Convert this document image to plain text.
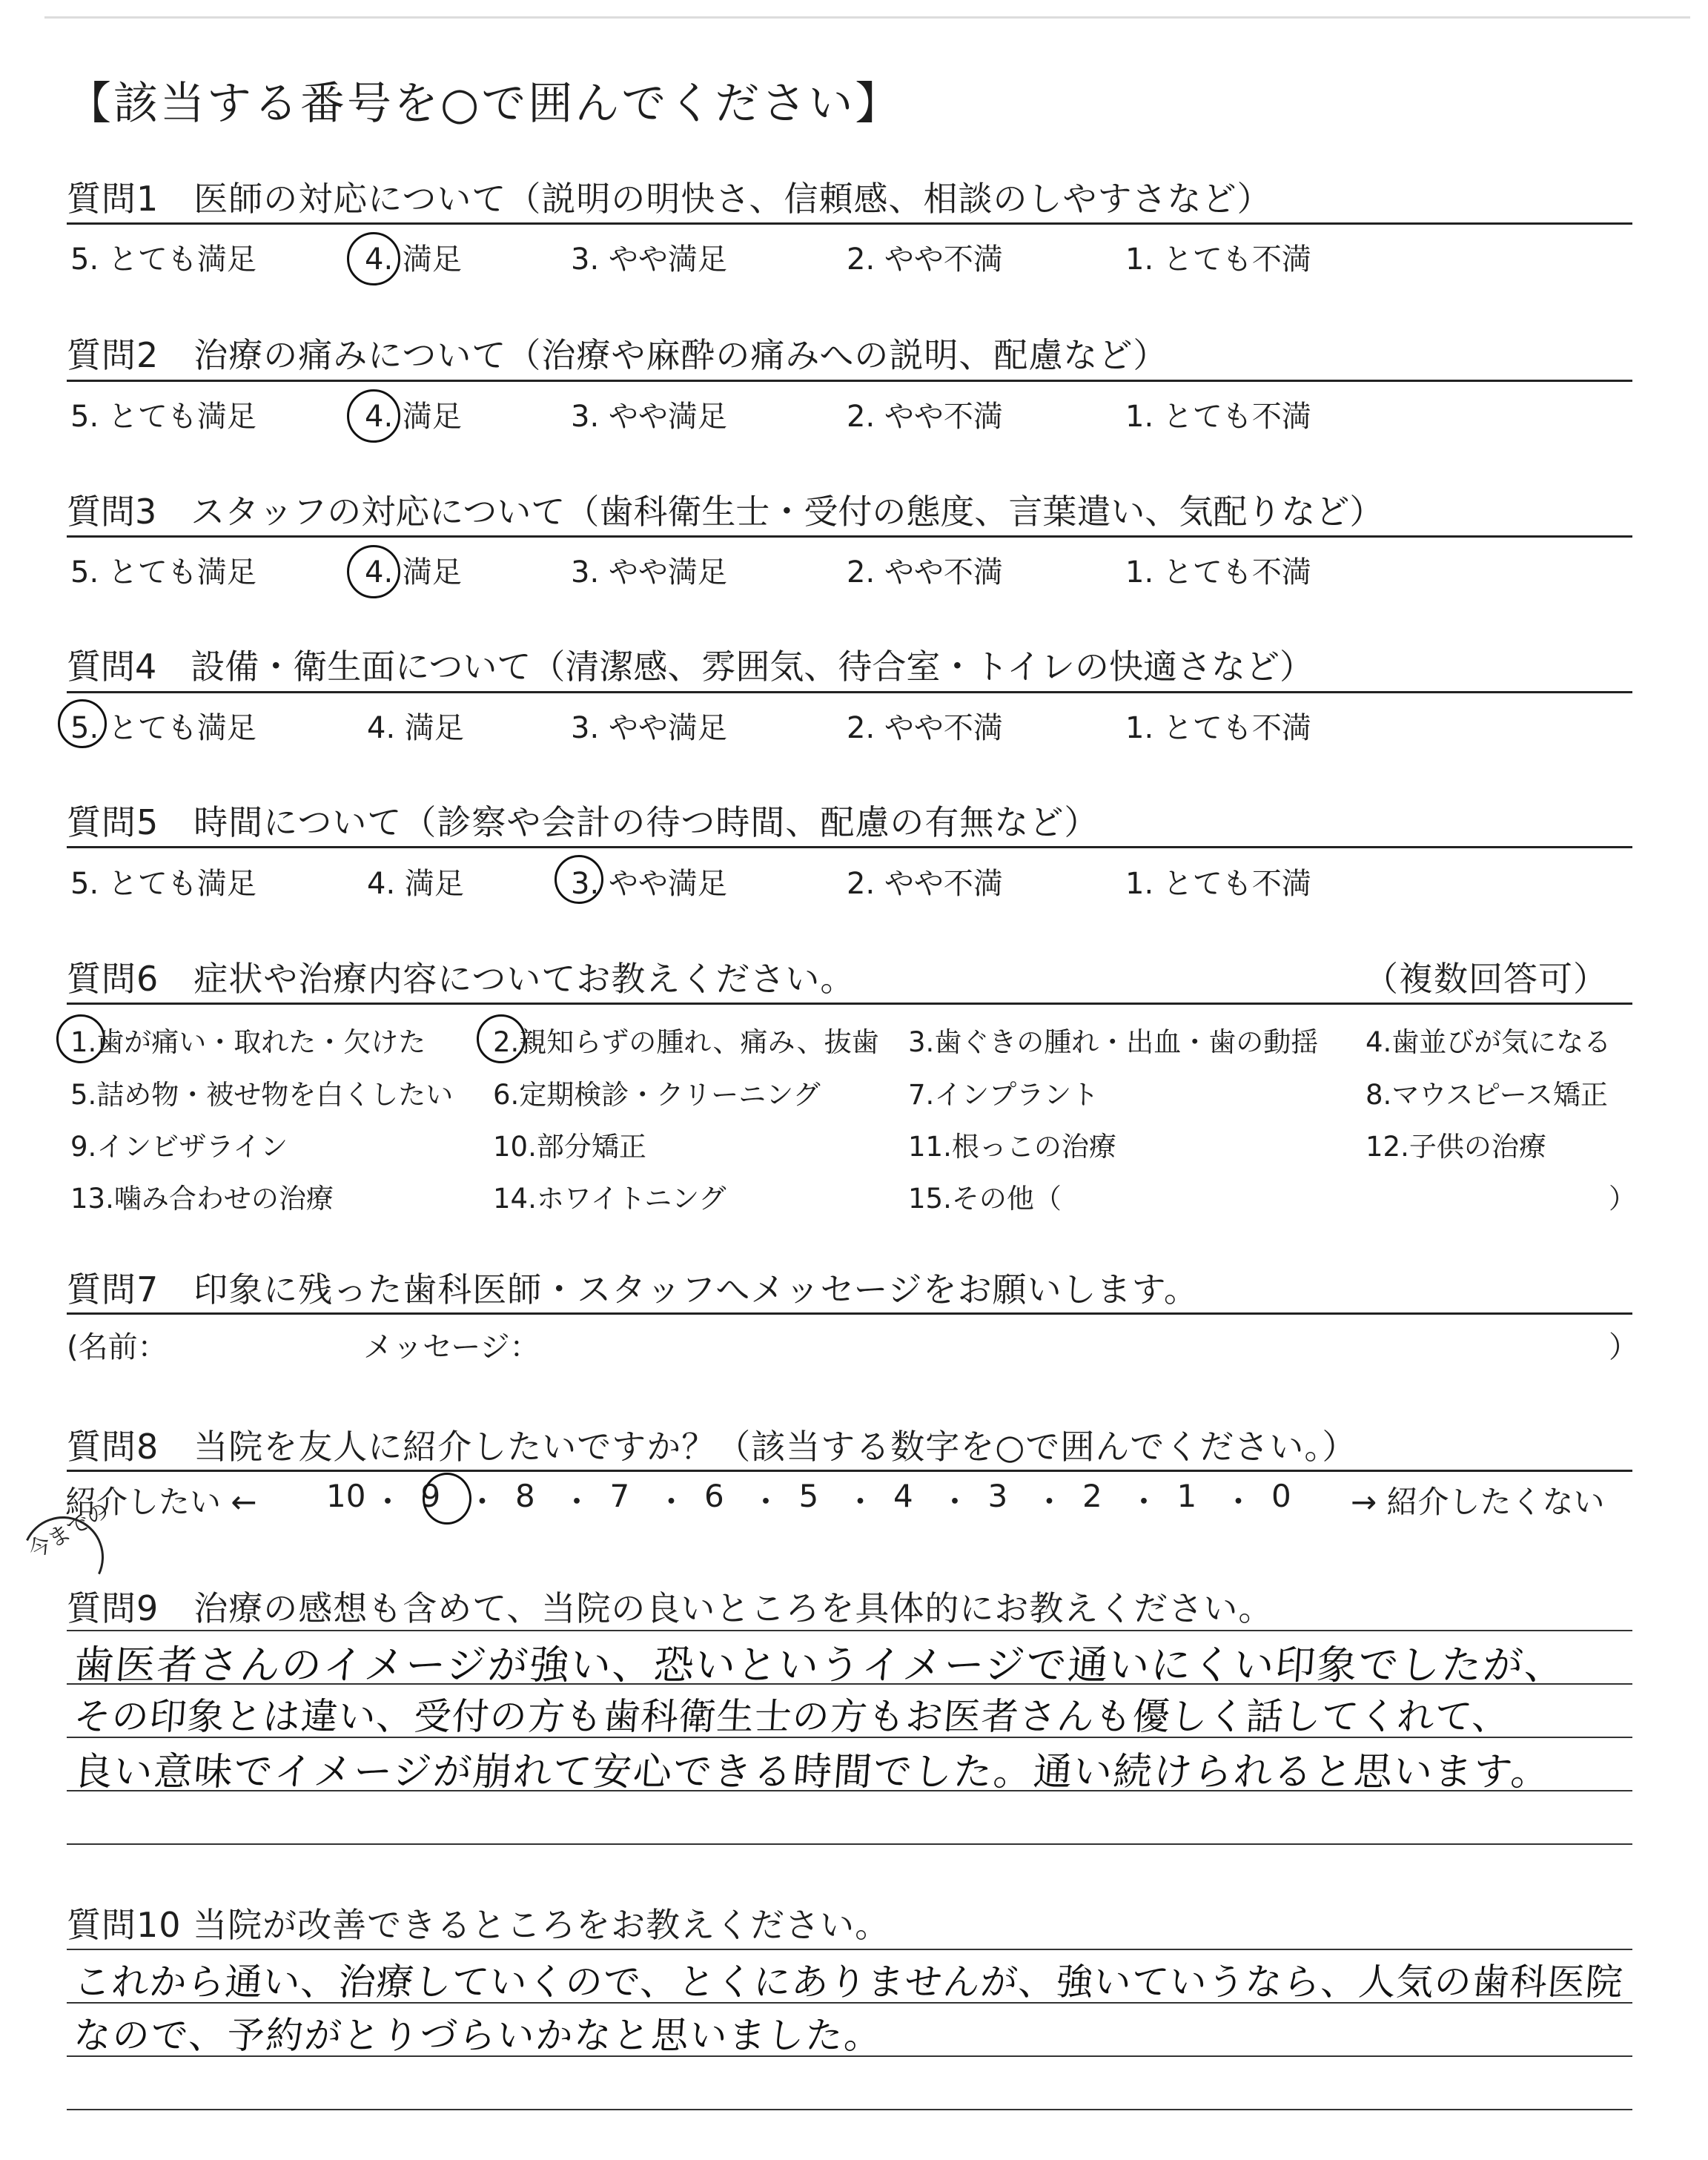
【該当する番号を○で囲んでください】
質問1　医師の対応について（説明の明快さ、信頼感、相談のしやすさなど）
5. とても満足	4. 満足	3. やや満足	2. やや不満	1. とても不満
質問2　治療の痛みについて（治療や麻酔の痛みへの説明、配慮など）
5. とても満足	4. 満足	3. やや満足	2. やや不満	1. とても不満
質問3　スタッフの対応について（歯科衛生士・受付の態度、言葉遣い、気配りなど）
5. とても満足	4. 満足	3. やや満足	2. やや不満	1. とても不満
質問4　設備・衛生面について（清潔感、雰囲気、待合室・トイレの快適さなど）
5. とても満足	4. 満足	3. やや満足	2. やや不満	1. とても不満
質問5　時間について（診察や会計の待つ時間、配慮の有無など）
5. とても満足	4. 満足	3. やや満足	2. やや不満	1. とても不満
質問6　症状や治療内容についてお教えください。	（複数回答可）
1.歯が痛い・取れた・欠けた 2.親知らずの腫れ、痛み、抜歯 3.歯ぐきの腫れ・出血・歯の動揺 4.歯並びが気になる
5.詰め物・被せ物を白くしたい 6.定期検診・クリーニング	7.インプラント	8.マウスピース矯正
9.インビザライン	10.部分矯正	11.根っこの治療	12.子供の治療
13.噛み合わせの治療	14.ホワイトニング	15.その他（	）
質問7　印象に残った歯科医師・スタッフへメッセージをお願いします。
(名前：	メッセージ：	）
質問8　当院を友人に紹介したいですか？（該当する数字を○で囲んでください。）
紹介したい ← 10 ・ 9 ・ 8 ・ 7 ・ 6 ・ 5 ・ 4 ・ 3 ・ 2 ・ 1 ・ 0 → 紹介したくない
今までの
質問9　治療の感想も含めて、当院の良いところを具体的にお教えください。
歯医者さんのイメージが強い、恐いというイメージで通いにくい印象でしたが、
その印象とは違い、受付の方も歯科衛生士の方もお医者さんも優しく話してくれて、
良い意味でイメージが崩れて安心できる時間でした。通い続けられると思います。
質問10 当院が改善できるところをお教えください。
これから通い、治療していくので、とくにありませんが、強いていうなら、人気の歯科医院
なので、予約がとりづらいかなと思いました。
